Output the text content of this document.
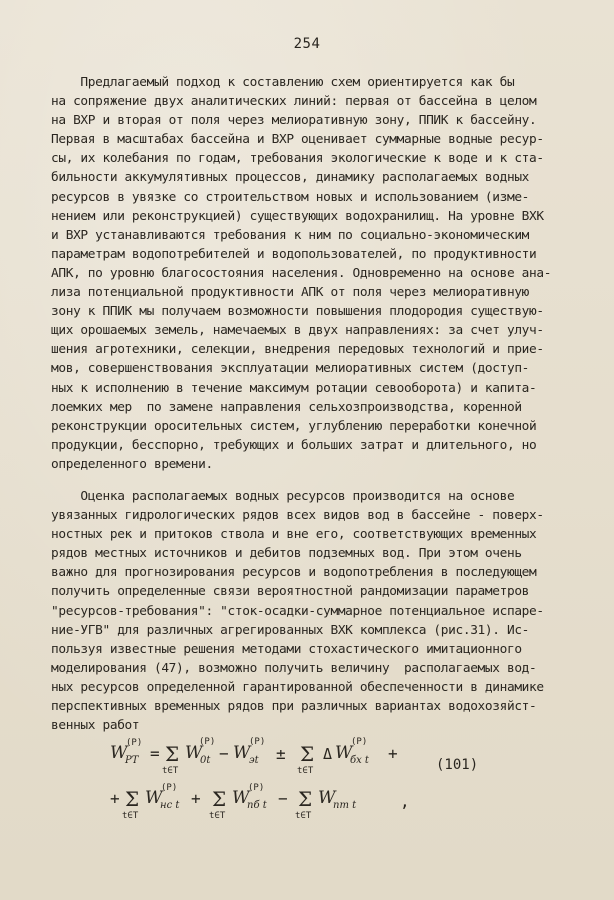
254
Предлагаемый подход к составлению схем ориентируется как бы
на сопряжение двух аналитических линий: первая от бассейна в целом
на ВХР и вторая от поля через мелиоративную зону, ППИК к бассейну.
Первая в масштабах бассейна и ВХР оценивает суммарные водные ресур-
сы, их колебания по годам, требования экологические к воде и к ста-
бильности аккумулятивных процессов, динамику располагаемых водных
ресурсов в увязке со строительством новых и использованием (изме-
нением или реконструкцией) существующих водохранилищ. На уровне ВХК
и ВХР устанавливаются требования к ним по социально-экономическим
параметрам водопотребителей и водопользователей, по продуктивности
АПК, по уровню благосостояния населения. Одновременно на основе ана-
лиза потенциальной продуктивности АПК от поля через мелиоративную
зону к ППИК мы получаем возможности повышения плодородия существую-
щих орошаемых земель, намечаемых в двух направлениях: за счет улуч-
шения агротехники, селекции, внедрения передовых технологий и прие-
мов, совершенствования эксплуатации мелиоративных систем (доступ-
ных к исполнению в течение максимум ротации севооборота) и капита-
лоемких мер  по замене направления сельхозпроизводства, коренной
реконструкции оросительных систем, углублению переработки конечной
продукции, бесспорно, требующих и больших затрат и длительного, но
определенного времени.
Оценка располагаемых водных ресурсов производится на основе
увязанных гидрологических рядов всех видов вод в бассейне - поверх-
ностных рек и притоков ствола и вне его, соответствующих временных
рядов местных источников и дебитов подземных вод. При этом очень
важно для прогнозирования ресурсов и водопотребления в последующем
получить определенные связи вероятностной рандомизации параметров
"ресурсов-требования": "сток-осадки-суммарное потенциальное испаре-
ние-УГВ" для различных агрегированных ВХК комплекса (рис.31). Ис-
пользуя известные решения методами стохастического имитационного
моделирования (47), возможно получить величину  располагаемых вод-
ных ресурсов определенной гарантированной обеспеченности в динамике
перспективных временных рядов при различных вариантах водохозяйст-
венных работ
W
PT
(P)
= Σ
t∈T
W
0t
(P)
− W
эt
(P)
± Σ
t∈T
Δ W
бx t
(P)
+
+ Σ
t∈T
W
нс t
(P)
+ Σ
t∈T
W
пб t
(P)
− Σ
t∈T
W
пт t	,
(101)
